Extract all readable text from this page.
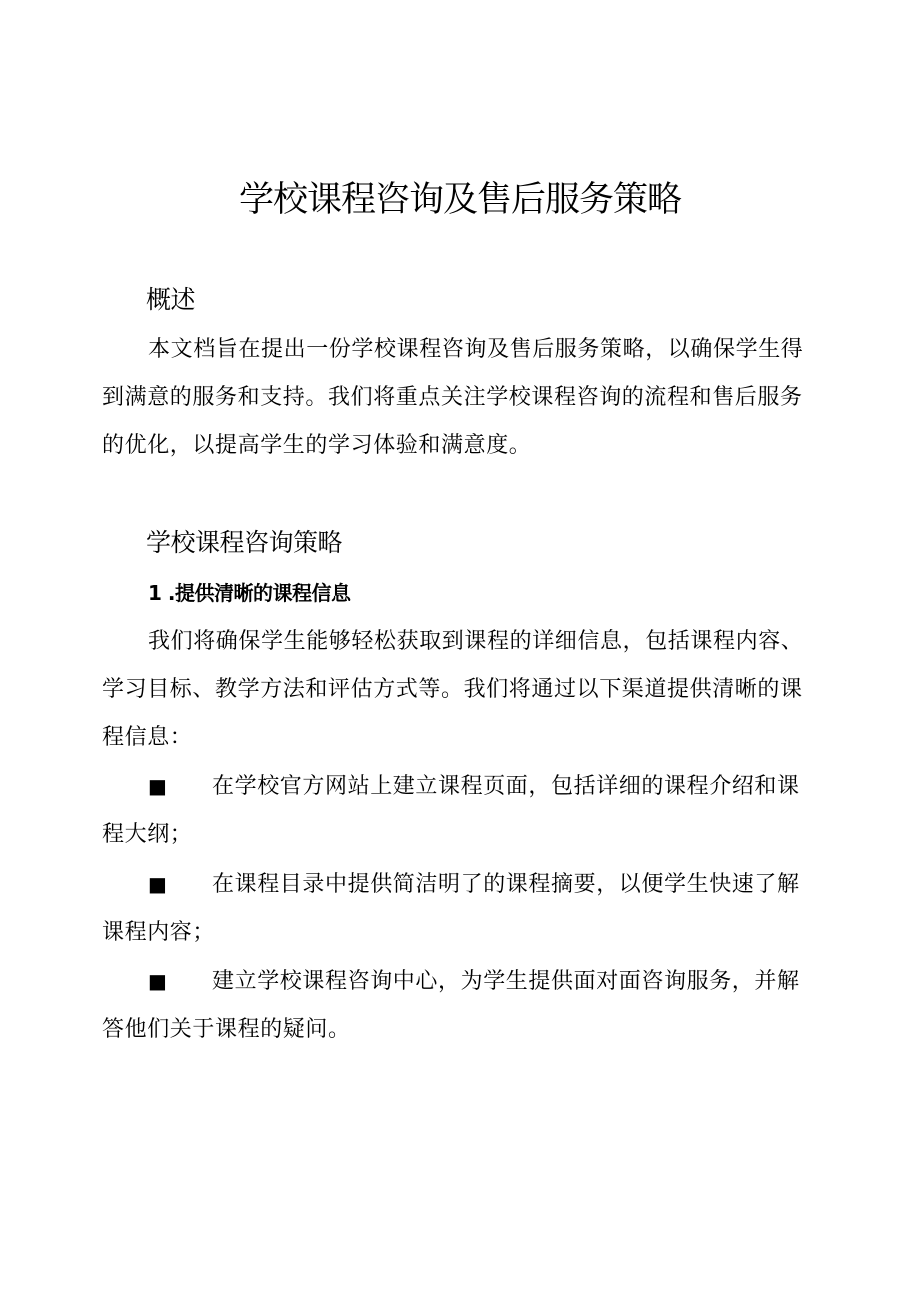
学校课程咨询及售后服务策略
概述

本文档旨在提出一份学校课程咨询及售后服务策略，以确保学生得到满意的服务和支持。我们将重点关注学校课程咨询的流程和售后服务的优化，以提高学生的学习体验和满意度。

学校课程咨询策略
1 .提供清晰的课程信息

我们将确保学生能够轻松获取到课程的详细信息，包括课程内容、学习目标、教学方法和评估方式等。我们将通过以下渠道提供清晰的课程信息：

■ 在学校官方网站上建立课程页面，包括详细的课程介绍和课程大纲；

■ 在课程目录中提供简洁明了的课程摘要，以便学生快速了解课程内容；

■ 建立学校课程咨询中心，为学生提供面对面咨询服务，并解答他们关于课程的疑问。
